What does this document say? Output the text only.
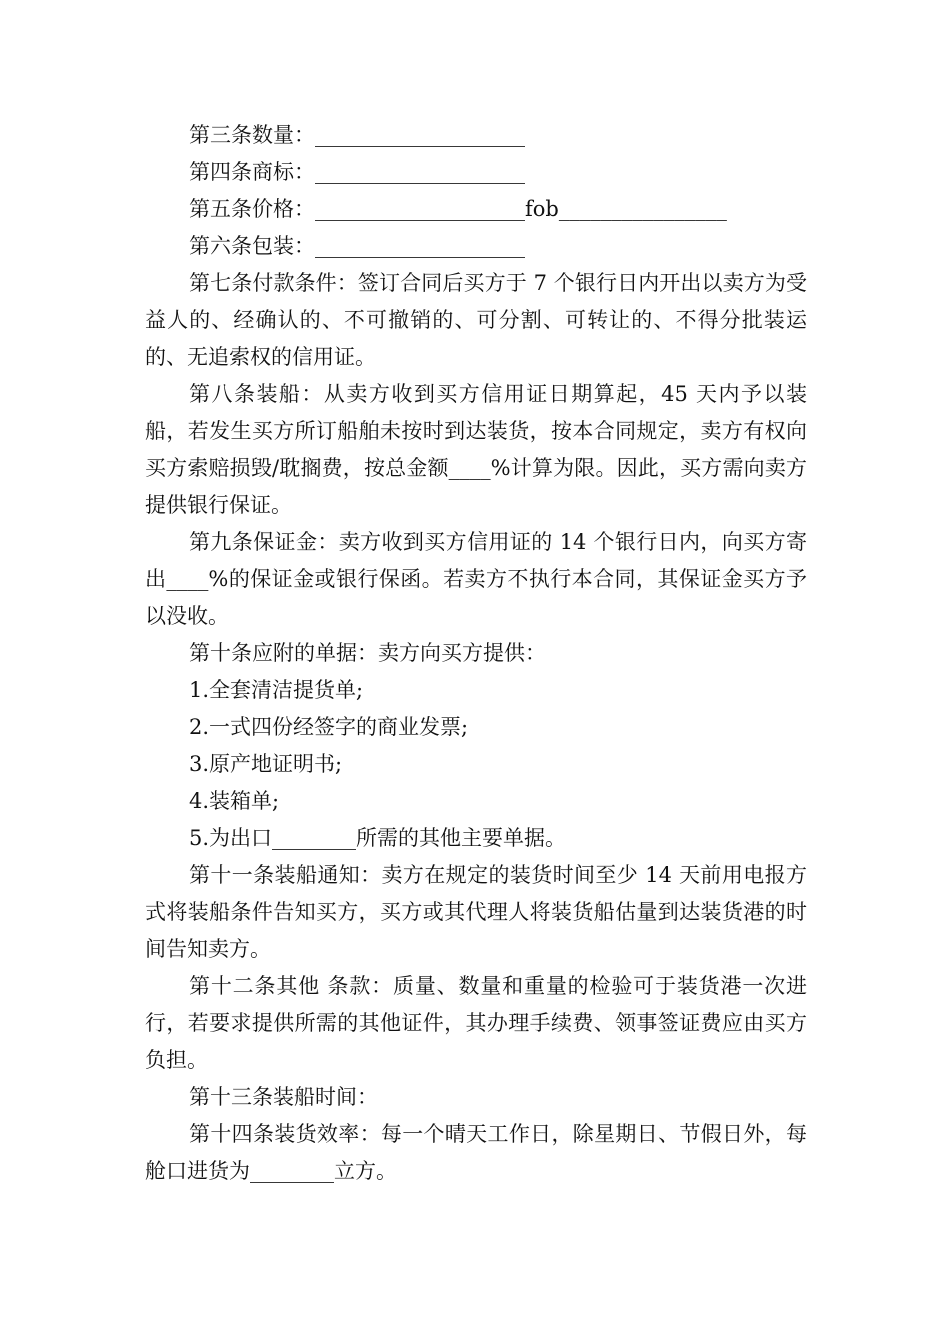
第三条数量：____________________

第四条商标：____________________

第五条价格：____________________fob________________

第六条包装：____________________

第七条付款条件：签订合同后买方于 7 个银行日内开出以卖方为受益人的、经确认的、不可撤销的、可分割、可转让的、不得分批装运的、无追索权的信用证。

第八条装船：从卖方收到买方信用证日期算起，45 天内予以装船，若发生买方所订船舶未按时到达装货，按本合同规定，卖方有权向买方索赔损毁/耽搁费，按总金额____%计算为限。因此，买方需向卖方提供银行保证。

第九条保证金：卖方收到买方信用证的 14 个银行日内，向买方寄出____%的保证金或银行保函。若卖方不执行本合同，其保证金买方予以没收。

第十条应附的单据：卖方向买方提供：

1.全套清洁提货单;

2.一式四份经签字的商业发票;

3.原产地证明书;

4.装箱单;

5.为出口________所需的其他主要单据。

第十一条装船通知：卖方在规定的装货时间至少 14 天前用电报方式将装船条件告知买方，买方或其代理人将装货船估量到达装货港的时间告知卖方。

第十二条其他 条款：质量、数量和重量的检验可于装货港一次进行，若要求提供所需的其他证件，其办理手续费、领事签证费应由买方负担。

第十三条装船时间：

第十四条装货效率：每一个晴天工作日，除星期日、节假日外，每舱口进货为________立方。
